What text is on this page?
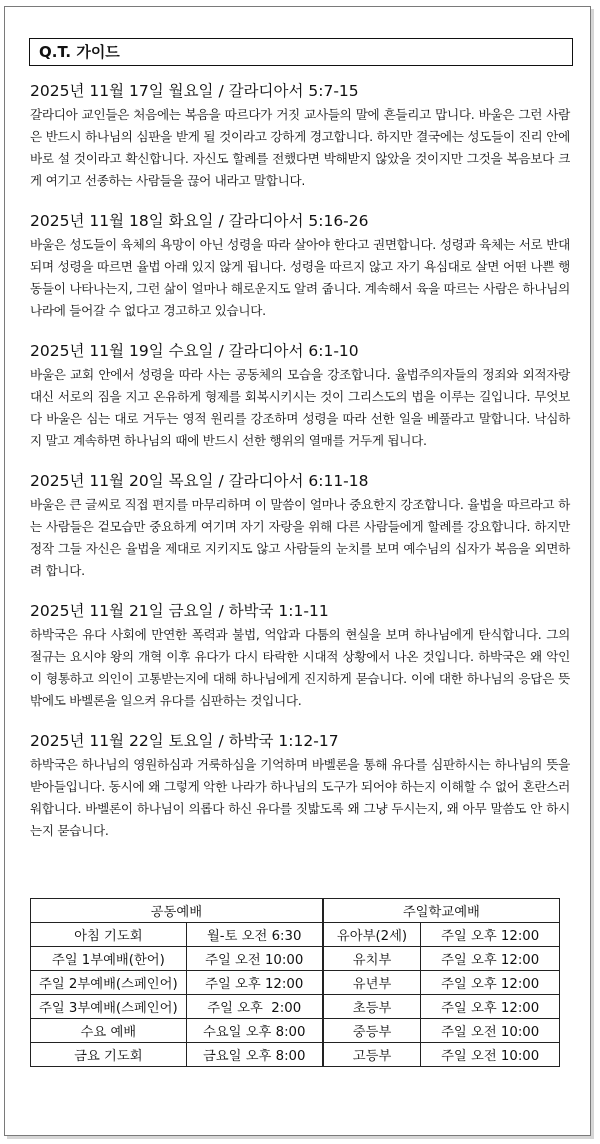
Q.T. 가이드
2025년 11월 17일 월요일 / 갈라디아서 5:7-15
갈라디아 교인들은 처음에는 복음을 따르다가 거짓 교사들의 말에 흔들리고 맙니다. 바울은 그런 사람은 반드시 하나님의 심판을 받게 될 것이라고 강하게 경고합니다. 하지만 결국에는 성도들이 진리 안에 바로 설 것이라고 확신합니다. 자신도 할례를 전했다면 박해받지 않았을 것이지만 그것을 복음보다 크게 여기고 선종하는 사람들을 끊어 내라고 말합니다.
2025년 11월 18일 화요일 / 갈라디아서 5:16-26
바울은 성도들이 육체의 욕망이 아닌 성령을 따라 살아야 한다고 권면합니다. 성령과 육체는 서로 반대되며 성령을 따르면 율법 아래 있지 않게 됩니다. 성령을 따르지 않고 자기 욕심대로 살면 어떤 나쁜 행동들이 나타나는지, 그런 삶이 얼마나 해로운지도 알려 줍니다. 계속해서 육을 따르는 사람은 하나님의 나라에 들어갈 수 없다고 경고하고 있습니다.
2025년 11월 19일 수요일 / 갈라디아서 6:1-10
바울은 교회 안에서 성령을 따라 사는 공동체의 모습을 강조합니다. 율법주의자들의 정죄와 외적자랑 대신 서로의 짐을 지고 온유하게 형제를 회복시키시는 것이 그리스도의 법을 이루는 길입니다. 무엇보다 바울은 심는 대로 거두는 영적 원리를 강조하며 성령을 따라 선한 일을 베풀라고 말합니다. 낙심하지 말고 계속하면 하나님의 때에 반드시 선한 행위의 열매를 거두게 됩니다.
2025년 11월 20일 목요일 / 갈라디아서 6:11-18
바울은 큰 글씨로 직접 편지를 마무리하며 이 말씀이 얼마나 중요한지 강조합니다. 율법을 따르라고 하는 사람들은 겉모습만 중요하게 여기며 자기 자랑을 위해 다른 사람들에게 할례를 강요합니다. 하지만 정작 그들 자신은 율법을 제대로 지키지도 않고 사람들의 눈치를 보며 예수님의 십자가 복음을 외면하려 합니다.
2025년 11월 21일 금요일 / 하박국 1:1-11
하박국은 유다 사회에 만연한 폭력과 불법, 억압과 다툼의 현실을 보며 하나님에게 탄식합니다. 그의 절규는 요시야 왕의 개혁 이후 유다가 다시 타락한 시대적 상황에서 나온 것입니다. 하박국은 왜 악인이 형통하고 의인이 고통받는지에 대해 하나님에게 진지하게 묻습니다. 이에 대한 하나님의 응답은 뜻밖에도 바벨론을 일으켜 유다를 심판하는 것입니다.
2025년 11월 22일 토요일 / 하박국 1:12-17
하박국은 하나님의 영원하심과 거룩하심을 기억하며 바벨론을 통해 유다를 심판하시는 하나님의 뜻을 받아들입니다. 동시에 왜 그렇게 악한 나라가 하나님의 도구가 되어야 하는지 이해할 수 없어 혼란스러워합니다. 바벨론이 하나님이 의롭다 하신 유다를 짓밟도록 왜 그냥 두시는지, 왜 아무 말씀도 안 하시는지 묻습니다.
공동예배		주일학교예배	
아침 기도회	월-토 오전 6:30	유아부(2세)	주일 오후 12:00
주일 1부예배(한어)	주일 오전 10:00	유치부	주일 오후 12:00
주일 2부예배(스페인어)	주일 오후 12:00	유년부	주일 오후 12:00
주일 3부예배(스페인어)	주일 오후  2:00	초등부	주일 오후 12:00
수요 예배	수요일 오후 8:00	중등부	주일 오전 10:00
금요 기도회	금요일 오후 8:00	고등부	주일 오전 10:00
